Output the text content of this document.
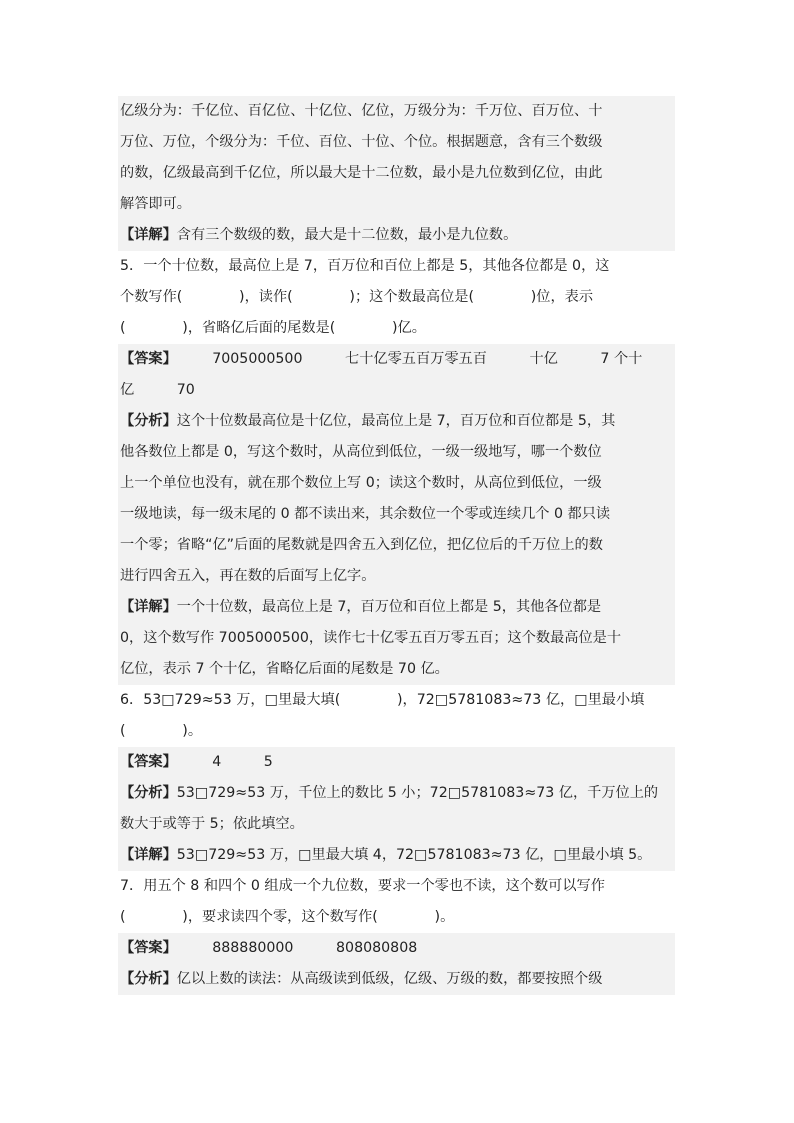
亿级分为：千亿位、百亿位、十亿位、亿位，万级分为：千万位、百万位、十
万位、万位，个级分为：千位、百位、十位、个位。根据题意，含有三个数级
的数，亿级最高到千亿位，所以最大是十二位数，最小是九位数到亿位，由此
解答即可。
【详解】含有三个数级的数，最大是十二位数，最小是九位数。
5．一个十位数，最高位上是 7，百万位和百位上都是 5，其他各位都是 0，这
个数写作(　　　　)，读作(　　　　)；这个数最高位是(　　　　)位，表示
(　　　　)，省略亿后面的尾数是(　　　　)亿。
【答案】　　　7005000500　　　七十亿零五百万零五百　　　十亿　　　7 个十
亿　　　70
【分析】这个十位数最高位是十亿位，最高位上是 7，百万位和百位都是 5，其
他各数位上都是 0，写这个数时，从高位到低位，一级一级地写，哪一个数位
上一个单位也没有，就在那个数位上写 0；读这个数时，从高位到低位，一级
一级地读，每一级末尾的 0 都不读出来，其余数位一个零或连续几个 0 都只读
一个零；省略“亿”后面的尾数就是四舍五入到亿位，把亿位后的千万位上的数
进行四舍五入，再在数的后面写上亿字。
【详解】一个十位数，最高位上是 7，百万位和百位上都是 5，其他各位都是
0，这个数写作 7005000500，读作七十亿零五百万零五百；这个数最高位是十
亿位，表示 7 个十亿，省略亿后面的尾数是 70 亿。
6．53□729≈53 万，□里最大填(　　　　)，72□5781083≈73 亿，□里最小填
(　　　　)。
【答案】　　　4　　　5
【分析】53□729≈53 万，千位上的数比 5 小；72□5781083≈73 亿，千万位上的
数大于或等于 5；依此填空。
【详解】53□729≈53 万，□里最大填 4，72□5781083≈73 亿，□里最小填 5。
7．用五个 8 和四个 0 组成一个九位数，要求一个零也不读，这个数可以写作
(　　　　)，要求读四个零，这个数写作(　　　　)。
【答案】　　　888880000　　　808080808
【分析】亿以上数的读法：从高级读到低级，亿级、万级的数，都要按照个级
